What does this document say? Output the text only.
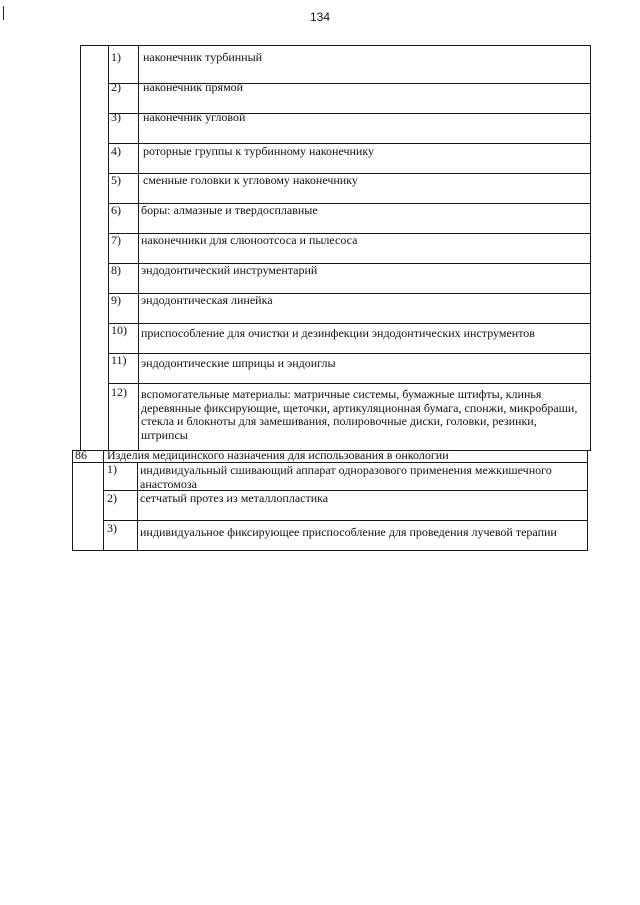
134
1) наконечник турбинный
2) наконечник прямой
3) наконечник угловой
4) роторные группы к турбинному наконечнику
5) сменные головки к угловому наконечнику
6) боры: алмазные и твердосплавные
7) наконечники для слюноотсоса и пылесоса
8) эндодонтический инструментарий
9) эндодонтическая линейка
10) приспособление для очистки и дезинфекции эндодонтических инструментов
11) эндодонтические шприцы и эндоиглы
12) вспомогательные материалы: матричные системы, бумажные штифты, клинья деревянные фиксирующие, щеточки, артикуляционная бумага, спонжи, микробраши, стекла и блокноты для замешивания, полировочные диски, головки, резинки, штрипсы
86 Изделия медицинского назначения для использования в онкологии
1) индивидуальный сшивающий аппарат одноразового применения межкишечного анастомоза
2) сетчатый протез из металлопластика
3) индивидуальное фиксирующее приспособление для проведения лучевой терапии
